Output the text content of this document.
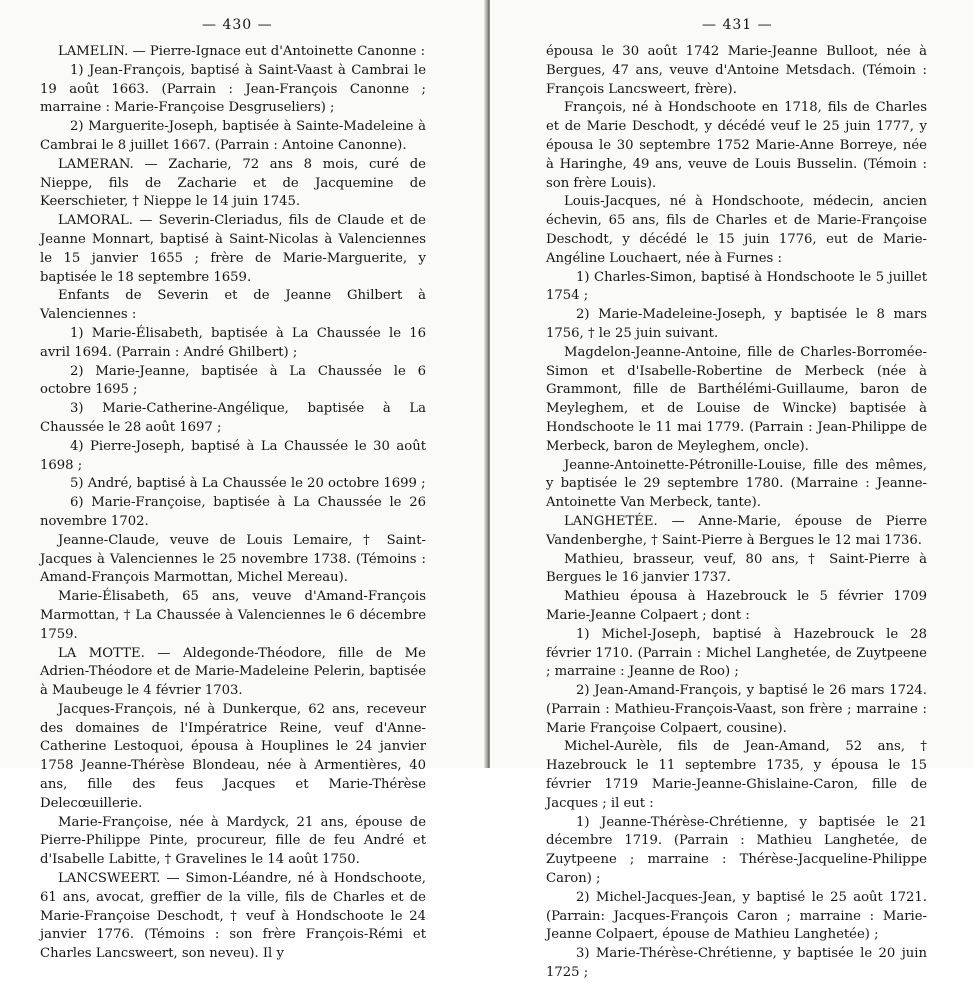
— 430 —

LAMELIN. — Pierre-Ignace eut d'Antoinette Canonne :

1) Jean-François, baptisé à Saint-Vaast à Cambrai le 19 août 1663. (Parrain : Jean-François Canonne ; marraine : Marie-Françoise Desgruseliers) ;

2) Marguerite-Joseph, baptisée à Sainte-Madeleine à Cambrai le 8 juillet 1667. (Parrain : Antoine Canonne).

LAMERAN. — Zacharie, 72 ans 8 mois, curé de Nieppe, fils de Zacharie et de Jacquemine de Keerschieter, † Nieppe le 14 juin 1745.

LAMORAL. — Severin-Cleriadus, fils de Claude et de Jeanne Monnart, baptisé à Saint-Nicolas à Valenciennes le 15 janvier 1655 ; frère de Marie-Marguerite, y baptisée le 18 septembre 1659.

Enfants de Severin et de Jeanne Ghilbert à Valenciennes :

1) Marie-Élisabeth, baptisée à La Chaussée le 16 avril 1694. (Parrain : André Ghilbert) ;

2) Marie-Jeanne, baptisée à La Chaussée le 6 octobre 1695 ;

3) Marie-Catherine-Angélique, baptisée à La Chaussée le 28 août 1697 ;

4) Pierre-Joseph, baptisé à La Chaussée le 30 août 1698 ;

5) André, baptisé à La Chaussée le 20 octobre 1699 ;

6) Marie-Françoise, baptisée à La Chaussée le 26 novembre 1702.

Jeanne-Claude, veuve de Louis Lemaire, † Saint-Jacques à Valenciennes le 25 novembre 1738. (Témoins : Amand-François Marmottan, Michel Mereau).

Marie-Élisabeth, 65 ans, veuve d'Amand-François Marmottan, † La Chaussée à Valenciennes le 6 décembre 1759.

LA MOTTE. — Aldegonde-Théodore, fille de Me Adrien-Théodore et de Marie-Madeleine Pelerin, baptisée à Maubeuge le 4 février 1703.

Jacques-François, né à Dunkerque, 62 ans, receveur des domaines de l'Impératrice Reine, veuf d'Anne-Catherine Lestoquoi, épousa à Houplines le 24 janvier 1758 Jeanne-Thérèse Blondeau, née à Armentières, 40 ans, fille des feus Jacques et Marie-Thérèse Delecœuillerie.

Marie-Françoise, née à Mardyck, 21 ans, épouse de Pierre-Philippe Pinte, procureur, fille de feu André et d'Isabelle Labitte, † Gravelines le 14 août 1750.

LANCSWEERT. — Simon-Léandre, né à Hondschoote, 61 ans, avocat, greffier de la ville, fils de Charles et de Marie-Françoise Deschodt, † veuf à Hondschoote le 24 janvier 1776. (Témoins : son frère François-Rémi et Charles Lancsweert, son neveu). Il y

— 431 —

épousa le 30 août 1742 Marie-Jeanne Bulloot, née à Bergues, 47 ans, veuve d'Antoine Metsdach. (Témoin : François Lancsweert, frère).

François, né à Hondschoote en 1718, fils de Charles et de Marie Deschodt, y décédé veuf le 25 juin 1777, y épousa le 30 septembre 1752 Marie-Anne Borreye, née à Haringhe, 49 ans, veuve de Louis Busselin. (Témoin : son frère Louis).

Louis-Jacques, né à Hondschoote, médecin, ancien échevin, 65 ans, fils de Charles et de Marie-Françoise Deschodt, y décédé le 15 juin 1776, eut de Marie-Angéline Louchaert, née à Furnes :

1) Charles-Simon, baptisé à Hondschoote le 5 juillet 1754 ;

2) Marie-Madeleine-Joseph, y baptisée le 8 mars 1756, † le 25 juin suivant.

Magdelon-Jeanne-Antoine, fille de Charles-Borromée-Simon et d'Isabelle-Robertine de Merbeck (née à Grammont, fille de Barthélémi-Guillaume, baron de Meyleghem, et de Louise de Wincke) baptisée à Hondschoote le 11 mai 1779. (Parrain : Jean-Philippe de Merbeck, baron de Meyleghem, oncle).

Jeanne-Antoinette-Pétronille-Louise, fille des mêmes, y baptisée le 29 septembre 1780. (Marraine : Jeanne-Antoinette Van Merbeck, tante).

LANGHETÉE. — Anne-Marie, épouse de Pierre Vandenberghe, † Saint-Pierre à Bergues le 12 mai 1736.

Mathieu, brasseur, veuf, 80 ans, † Saint-Pierre à Bergues le 16 janvier 1737.

Mathieu épousa à Hazebrouck le 5 février 1709 Marie-Jeanne Colpaert ; dont :

1) Michel-Joseph, baptisé à Hazebrouck le 28 février 1710. (Parrain : Michel Langhetée, de Zuytpeene ; marraine : Jeanne de Roo) ;

2) Jean-Amand-François, y baptisé le 26 mars 1724. (Parrain : Mathieu-François-Vaast, son frère ; marraine : Marie Françoise Colpaert, cousine).

Michel-Aurèle, fils de Jean-Amand, 52 ans, † Hazebrouck le 11 septembre 1735, y épousa le 15 février 1719 Marie-Jeanne-Ghislaine-Caron, fille de Jacques ; il eut :

1) Jeanne-Thérèse-Chrétienne, y baptisée le 21 décembre 1719. (Parrain : Mathieu Langhetée, de Zuytpeene ; marraine : Thérèse-Jacqueline-Philippe Caron) ;

2) Michel-Jacques-Jean, y baptisé le 25 août 1721. (Parrain: Jacques-François Caron ; marraine : Marie-Jeanne Colpaert, épouse de Mathieu Langhetée) ;

3) Marie-Thérèse-Chrétienne, y baptisée le 20 juin 1725 ;
